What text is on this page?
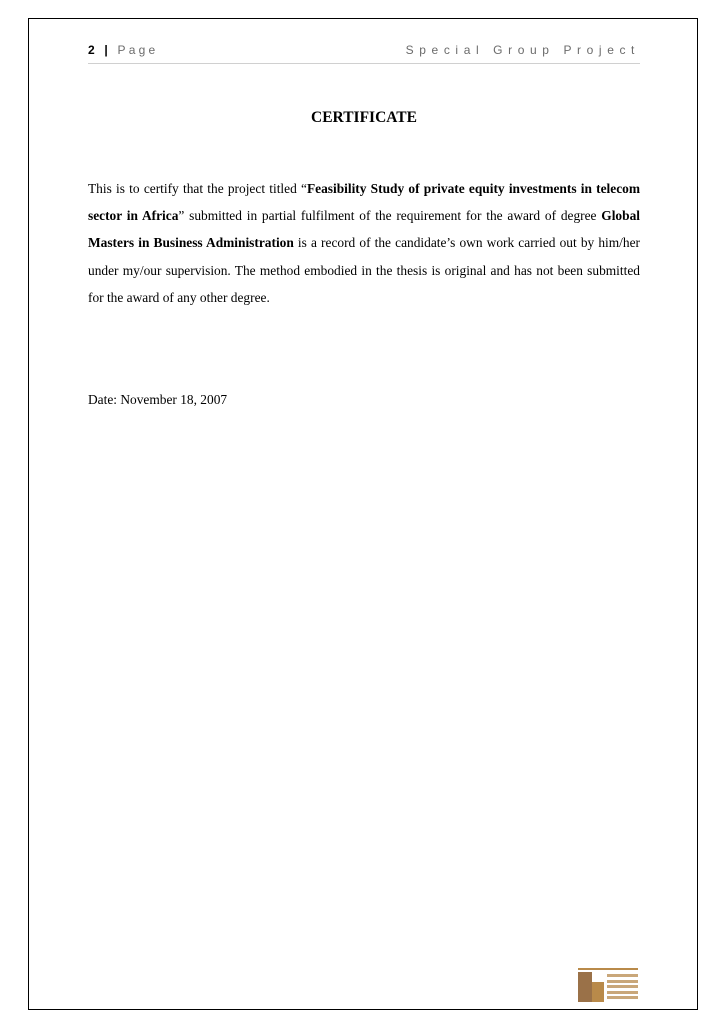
2 | Page	Special Group Project
CERTIFICATE
This is to certify that the project titled “Feasibility Study of private equity investments in telecom sector in Africa” submitted in partial fulfilment of the requirement for the award of degree Global Masters in Business Administration is a record of the candidate’s own work carried out by him/her under my/our supervision. The method embodied in the thesis is original and has not been submitted for the award of any other degree.
Date: November 18, 2007
